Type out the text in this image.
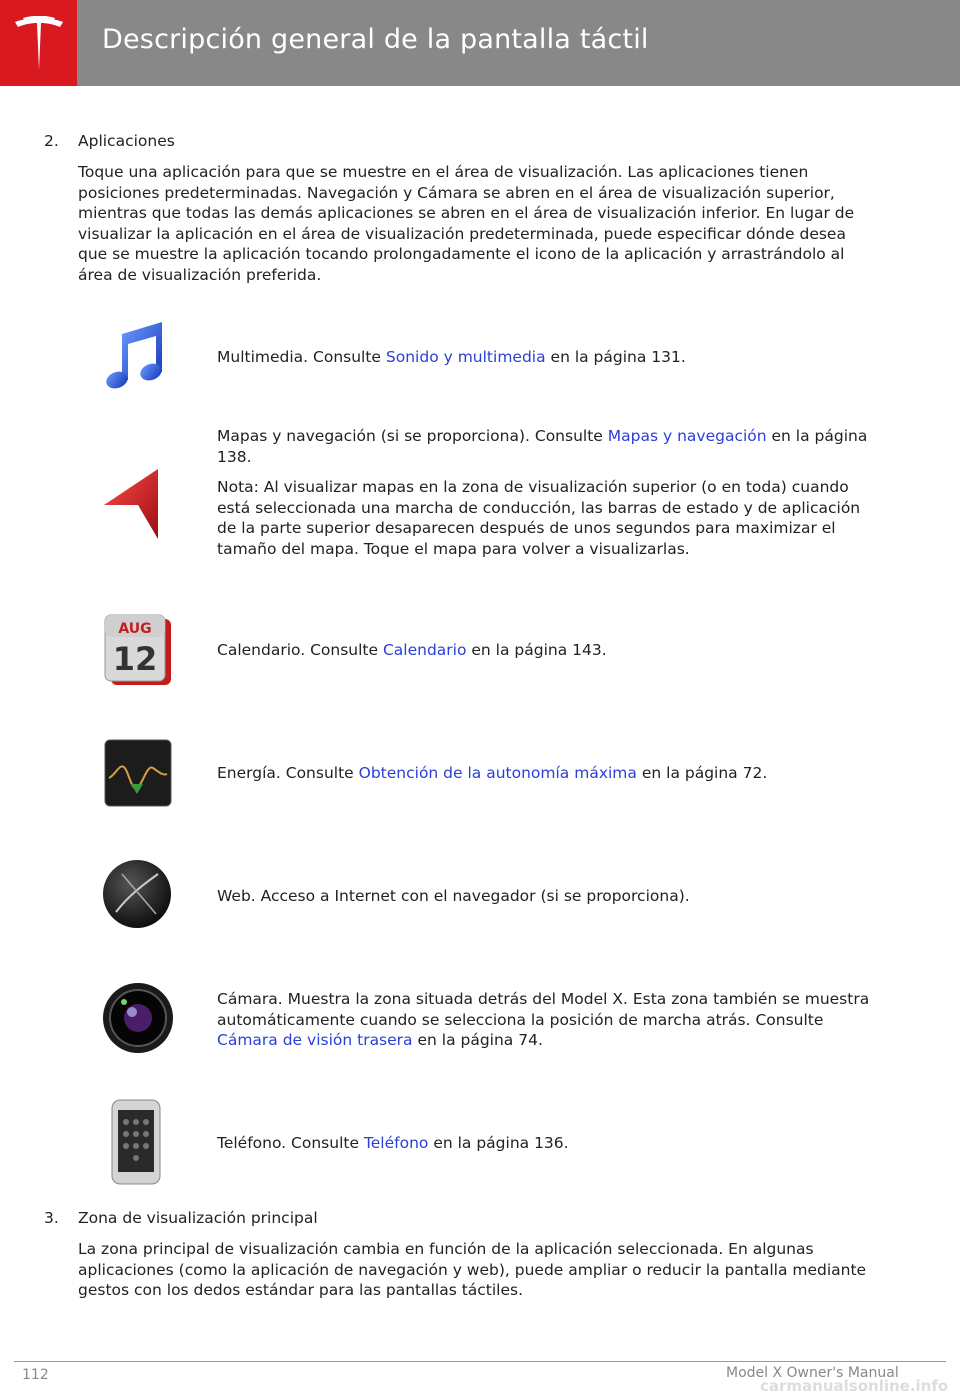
Descripción general de la pantalla táctil
2. Aplicaciones

Toque una aplicación para que se muestre en el área de visualización. Las aplicaciones tienen posiciones predeterminadas. Navegación y Cámara se abren en el área de visualización superior, mientras que todas las demás aplicaciones se abren en el área de visualización inferior. En lugar de visualizar la aplicación en el área de visualización predeterminada, puede especificar dónde desea que se muestre la aplicación tocando prolongadamente el icono de la aplicación y arrastrándolo al área de visualización preferida.

Multimedia. Consulte Sonido y multimedia en la página 131.

Mapas y navegación (si se proporciona). Consulte Mapas y navegación en la página 138.

Nota: Al visualizar mapas en la zona de visualización superior (o en toda) cuando está seleccionada una marcha de conducción, las barras de estado y de aplicación de la parte superior desaparecen después de unos segundos para maximizar el tamaño del mapa. Toque el mapa para volver a visualizarlas.

AUG
12	Calendario. Consulte Calendario en la página 143.

Energía. Consulte Obtención de la autonomía máxima en la página 72.

Web. Acceso a Internet con el navegador (si se proporciona).

Cámara. Muestra la zona situada detrás del Model X. Esta zona también se muestra automáticamente cuando se selecciona la posición de marcha atrás. Consulte Cámara de visión trasera en la página 74.

Teléfono. Consulte Teléfono en la página 136.

3. Zona de visualización principal

La zona principal de visualización cambia en función de la aplicación seleccionada. En algunas aplicaciones (como la aplicación de navegación y web), puede ampliar o reducir la pantalla mediante gestos con los dedos estándar para las pantallas táctiles.

112	Model X Owner's Manual
carmanualsonline.info
